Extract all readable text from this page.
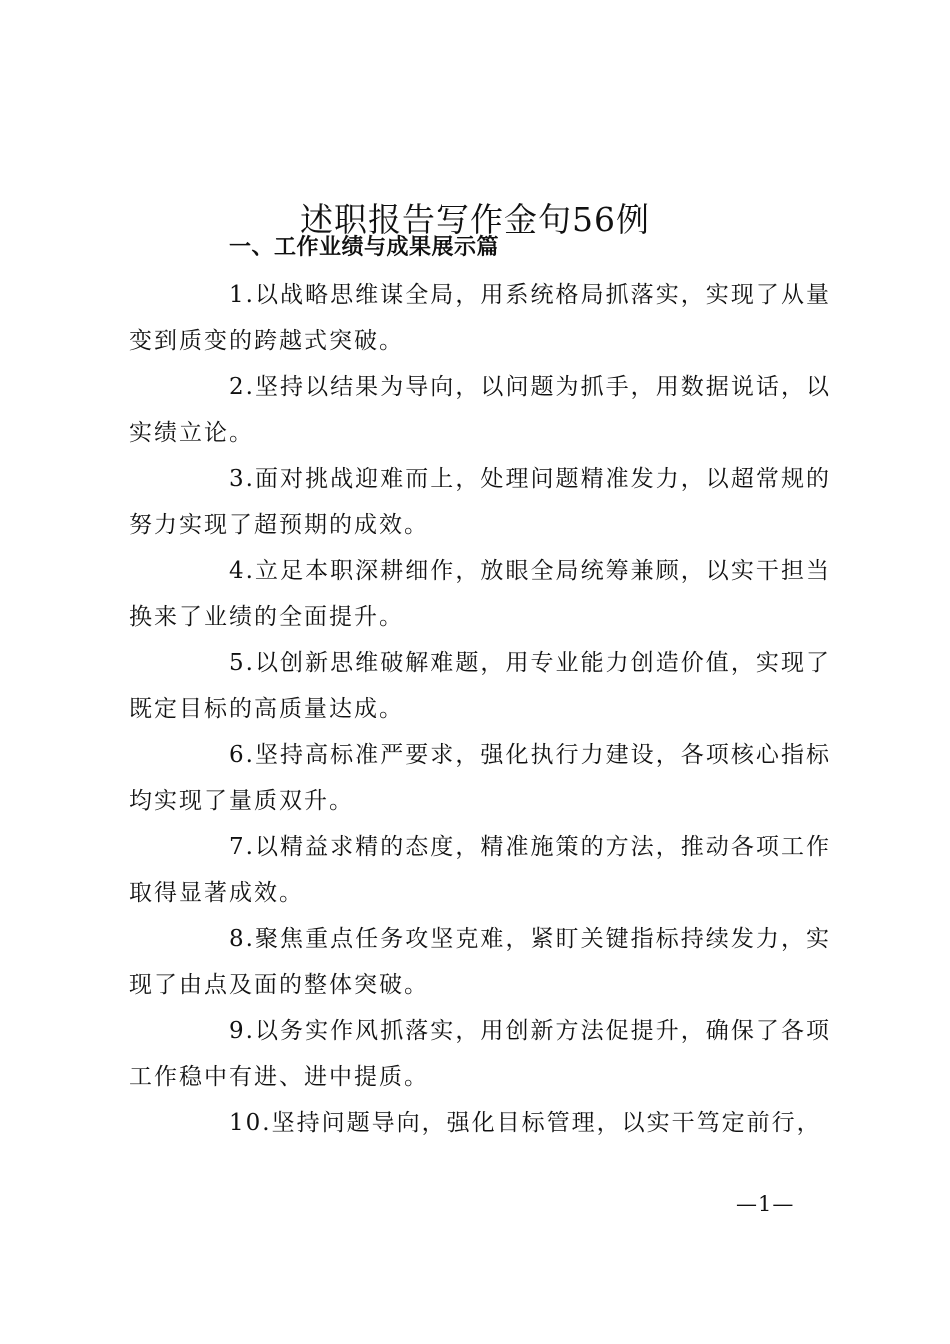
述职报告写作金句56例
一、工作业绩与成果展示篇

1.以战略思维谋全局，用系统格局抓落实，实现了从量变到质变的跨越式突破。

2.坚持以结果为导向，以问题为抓手，用数据说话，以实绩立论。

3.面对挑战迎难而上，处理问题精准发力，以超常规的努力实现了超预期的成效。

4.立足本职深耕细作，放眼全局统筹兼顾，以实干担当换来了业绩的全面提升。

5.以创新思维破解难题，用专业能力创造价值，实现了既定目标的高质量达成。

6.坚持高标准严要求，强化执行力建设，各项核心指标均实现了量质双升。

7.以精益求精的态度，精准施策的方法，推动各项工作取得显著成效。

8.聚焦重点任务攻坚克难，紧盯关键指标持续发力，实现了由点及面的整体突破。

9.以务实作风抓落实，用创新方法促提升，确保了各项工作稳中有进、进中提质。

10.坚持问题导向，强化目标管理，以实干笃定前行，

—1—
